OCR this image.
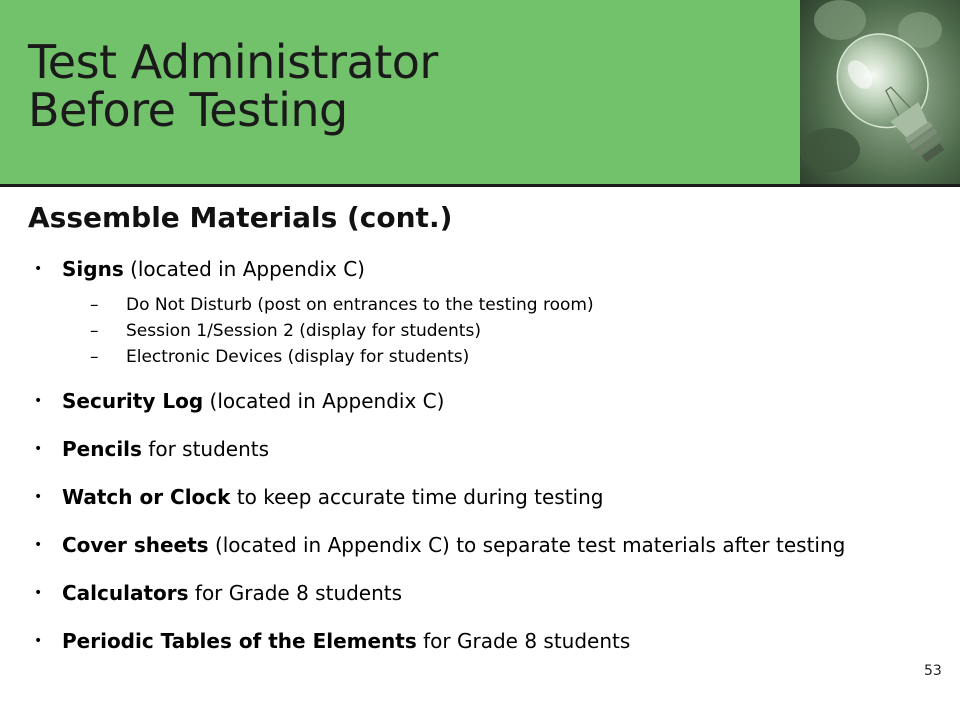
Test Administrator
Before Testing
Assemble Materials (cont.)
• Signs (located in Appendix C)
– Do Not Disturb (post on entrances to the testing room)
– Session 1/Session 2 (display for students)
– Electronic Devices (display for students)
• Security Log (located in Appendix C)
• Pencils for students
• Watch or Clock to keep accurate time during testing
• Cover sheets (located in Appendix C) to separate test materials after testing
• Calculators for Grade 8 students
• Periodic Tables of the Elements for Grade 8 students
53
